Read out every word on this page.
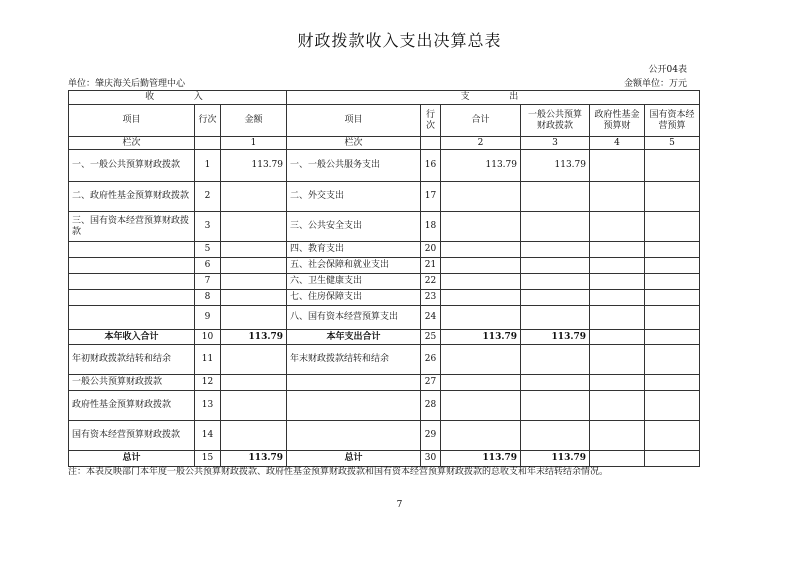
财政拨款收入支出决算总表
公开04表
单位：肇庆海关后勤管理中心	金额单位：万元
收　　入			支　　出					
项目	行次	金额	项目	行次	合计	一般公共预算财政拨款	政府性基金预算财	国有资本经营预算
栏次		1	栏次		2	3	4	5
一、一般公共预算财政拨款	1	113.79	一、一般公共服务支出	16	113.79	113.79		
二、政府性基金预算财政拨款	2		二、外交支出	17				
三、国有资本经营预算财政拨款	3		三、公共安全支出	18				
	5		四、教育支出	20				
	6		五、社会保障和就业支出	21				
	7		六、卫生健康支出	22				
	8		七、住房保障支出	23				
	9		八、国有资本经营预算支出	24				
本年收入合计	10	113.79	本年支出合计	25	113.79	113.79		
年初财政拨款结转和结余	11		年末财政拨款结转和结余	26				
一般公共预算财政拨款	12			27				
政府性基金预算财政拨款	13			28				
国有资本经营预算财政拨款	14			29				
总计	15	113.79	总计	30	113.79	113.79		
注：本表反映部门本年度一般公共预算财政拨款、政府性基金预算财政拨款和国有资本经营预算财政拨款的总收支和年末结转结余情况。
7
